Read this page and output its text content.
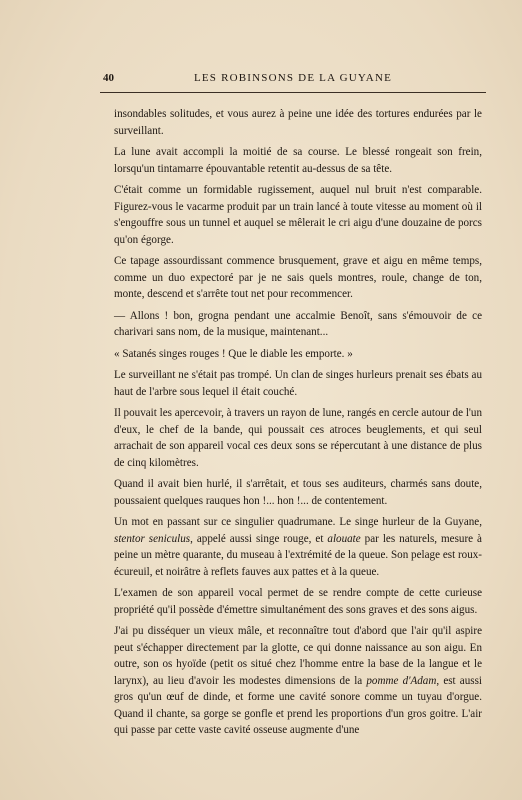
40	LES ROBINSONS DE LA GUYANE

insondables solitudes, et vous aurez à peine une idée des tortures endurées par le surveillant.

La lune avait accompli la moitié de sa course. Le blessé rongeait son frein, lorsqu'un tintamarre épouvantable retentit au-dessus de sa tête.

C'était comme un formidable rugissement, auquel nul bruit n'est comparable. Figurez-vous le vacarme produit par un train lancé à toute vitesse au moment où il s'engouffre sous un tunnel et auquel se mêlerait le cri aigu d'une douzaine de porcs qu'on égorge.

Ce tapage assourdissant commence brusquement, grave et aigu en même temps, comme un duo expectoré par je ne sais quels montres, roule, change de ton, monte, descend et s'arrête tout net pour recommencer.

— Allons ! bon, grogna pendant une accalmie Benoît, sans s'émouvoir de ce charivari sans nom, de la musique, maintenant...

« Satanés singes rouges ! Que le diable les emporte. »

Le surveillant ne s'était pas trompé. Un clan de singes hurleurs prenait ses ébats au haut de l'arbre sous lequel il était couché.

Il pouvait les apercevoir, à travers un rayon de lune, rangés en cercle autour de l'un d'eux, le chef de la bande, qui poussait ces atroces beuglements, et qui seul arrachait de son appareil vocal ces deux sons se répercutant à une distance de plus de cinq kilomètres.

Quand il avait bien hurlé, il s'arrêtait, et tous ses auditeurs, charmés sans doute, poussaient quelques rauques hon !... hon !... de contentement.

Un mot en passant sur ce singulier quadrumane. Le singe hurleur de la Guyane, stentor seniculus, appelé aussi singe rouge, et alouate par les naturels, mesure à peine un mètre quarante, du museau à l'extrémité de la queue. Son pelage est roux-écureuil, et noirâtre à reflets fauves aux pattes et à la queue.

L'examen de son appareil vocal permet de se rendre compte de cette curieuse propriété qu'il possède d'émettre simultanément des sons graves et des sons aigus.

J'ai pu disséquer un vieux mâle, et reconnaître tout d'abord que l'air qu'il aspire peut s'échapper directement par la glotte, ce qui donne naissance au son aigu. En outre, son os hyoïde (petit os situé chez l'homme entre la base de la langue et le larynx), au lieu d'avoir les modestes dimensions de la pomme d'Adam, est aussi gros qu'un œuf de dinde, et forme une cavité sonore comme un tuyau d'orgue. Quand il chante, sa gorge se gonfle et prend les proportions d'un gros goitre. L'air qui passe par cette vaste cavité osseuse augmente d'une
